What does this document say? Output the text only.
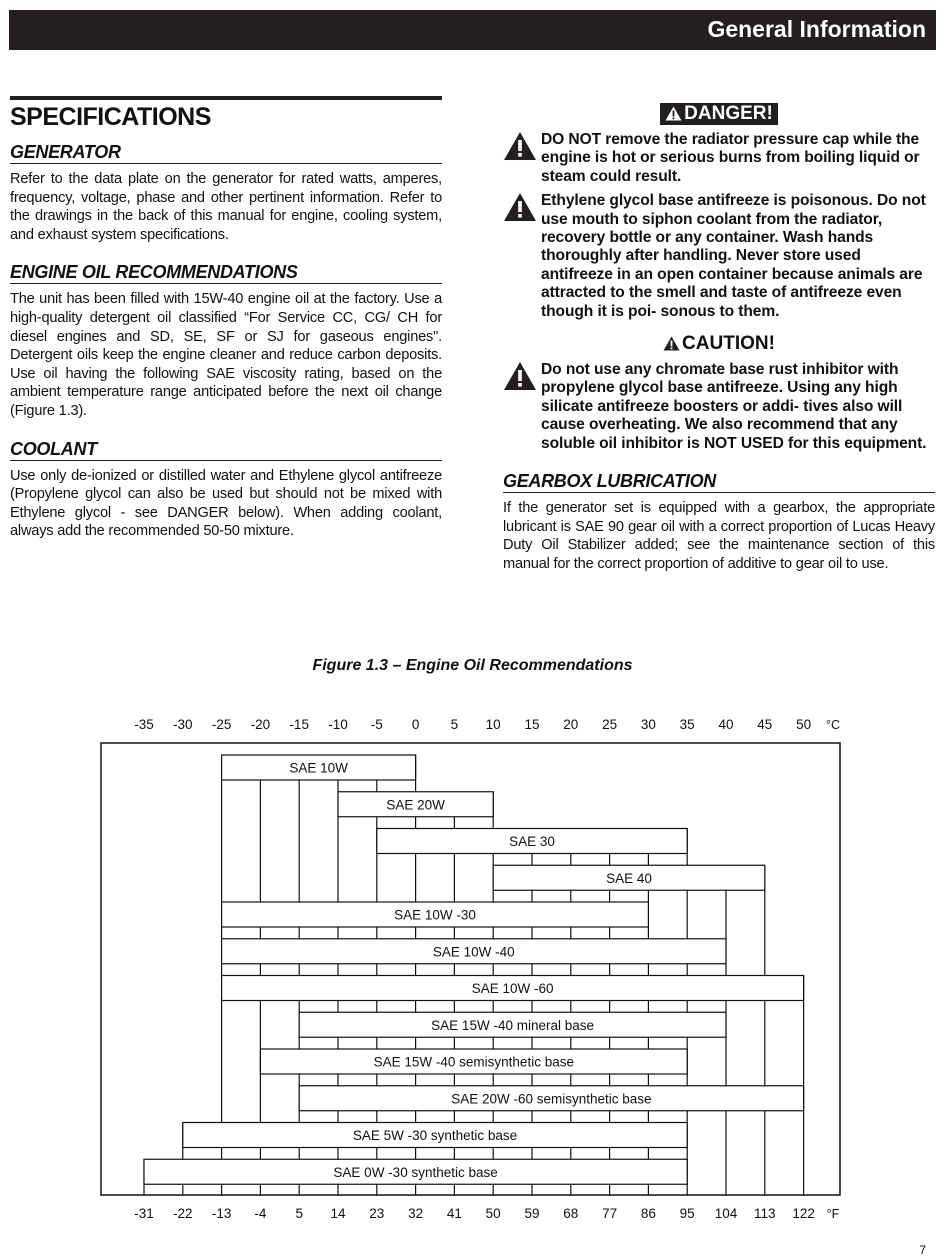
General Information
SPECIFICATIONS
GENERATOR

Refer to the data plate on the generator for rated watts, amperes, frequency, voltage, phase and other pertinent information. Refer to the drawings in the back of this manual for engine, cooling system, and exhaust system specifications.

ENGINE OIL RECOMMENDATIONS

The unit has been filled with 15W-40 engine oil at the factory. Use a high-quality detergent oil classified “For Service CC, CG/ CH for diesel engines and SD, SE, SF or SJ for gaseous engines". Detergent oils keep the engine cleaner and reduce carbon deposits. Use oil having the following SAE viscosity rating, based on the ambient temperature range anticipated before the next oil change (Figure 1.3).

COOLANT

Use only de-ionized or distilled water and Ethylene glycol antifreeze (Propylene glycol can also be used but should not be mixed with Ethylene glycol - see DANGER below). When adding coolant, always add the recommended 50-50 mixture.

DANGER!
DO NOT remove the radiator pressure cap while the engine is hot or serious burns from boiling liquid or steam could result.
Ethylene glycol base antifreeze is poisonous. Do not use mouth to siphon coolant from the radiator, recovery bottle or any container. Wash hands thoroughly after handling. Never store used antifreeze in an open container because animals are attracted to the smell and taste of antifreeze even though it is poi- sonous to them.
CAUTION!
Do not use any chromate base rust inhibitor with propylene glycol base antifreeze. Using any high silicate antifreeze boosters or addi- tives also will cause overheating. We also recommend that any soluble oil inhibitor is NOT USED for this equipment.
GEARBOX LUBRICATION

If the generator set is equipped with a gearbox, the appropriate lubricant is SAE 90 gear oil with a correct proportion of Lucas Heavy Duty Oil Stabilizer added; see the maintenance section of this manual for the correct proportion of additive to gear oil to use.

Figure 1.3 – Engine Oil Recommendations
SAE 10W
SAE 20W
SAE 30
SAE 40
SAE 10W -30
SAE 10W -40
SAE 10W -60
SAE 15W -40 mineral base
SAE 15W -40 semisynthetic base
SAE 20W -60 semisynthetic base
SAE 5W -30 synthetic base
SAE 0W -30 synthetic base
-35 -30 -25 -20 -15 -10 -5 0 5 10 15 20 25 30 35 40 45 50 °C
-31 -22 -13 -4 5 14 23 32 41 50 59 68 77 86 95 104 113 122 °F
7
